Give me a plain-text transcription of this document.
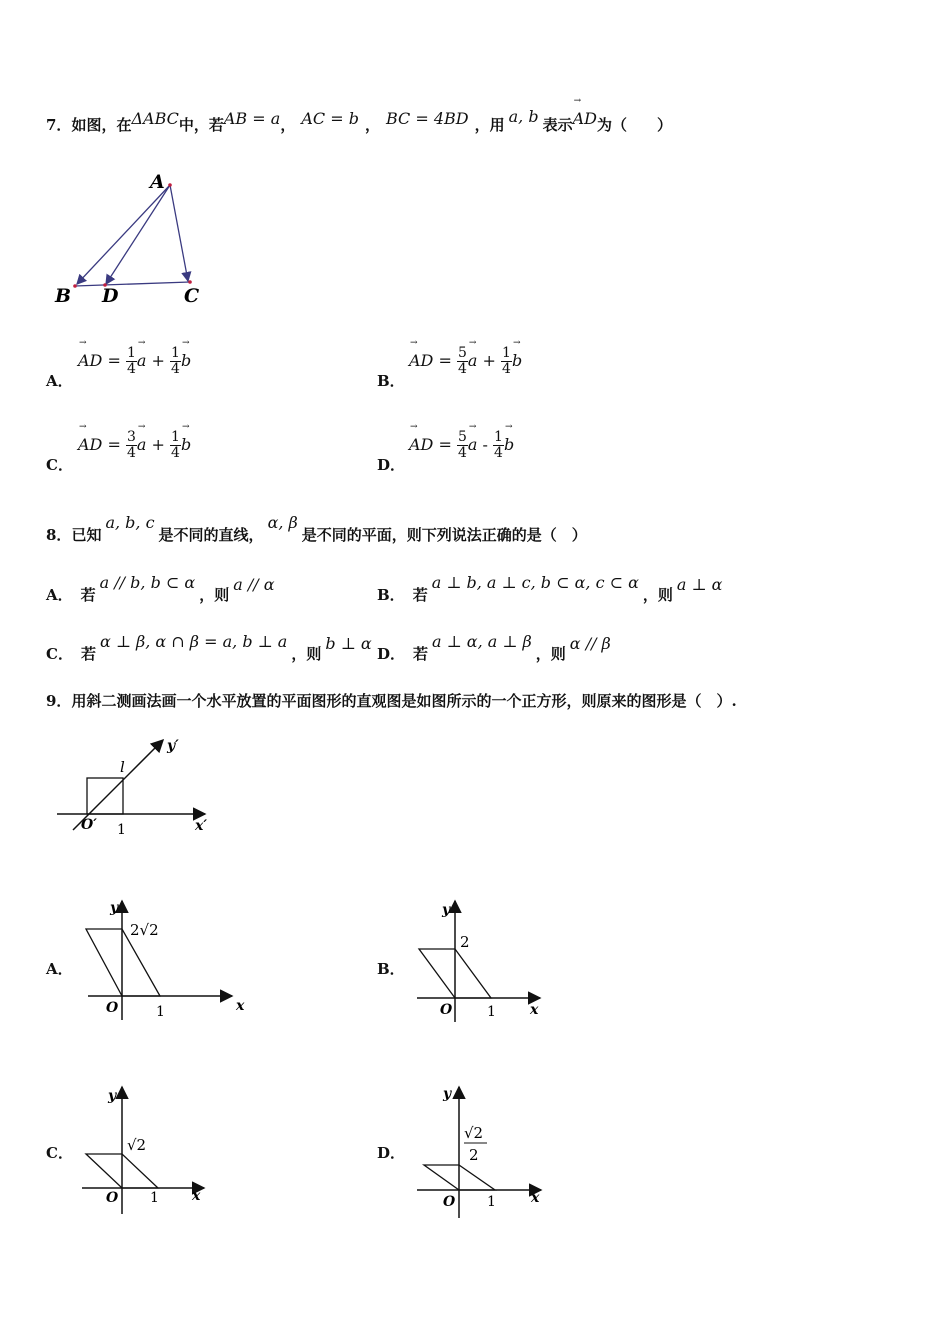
7．如图，在ΔABC中，若AB = a， AC = b ， BC = 4BD ，用 a, b 表示→ AD为（　　）
A
B D	C
A．
→ AD = $\frac{1}{4}$
→ $a + \frac{1}{4}$
→ b
B．
→ AD = $\frac{5}{4}$
→ $a + \frac{1}{4}$
→ b
C．
→ AD = $\frac{3}{4}$
→ $a + \frac{1}{4}$
→ b
D．
→ AD = $\frac{5}{4}$
→ a - $\frac{1}{4}$
→ b
8．已知a, b, c是不同的直线，α, β是不同的平面，则下列说法正确的是（　）
A． 若a // b, b ⊂ α，则a // α
B． 若a ⊥ b, a ⊥ c, b ⊂ α, c ⊂ α，则a ⊥ α
C． 若α ⊥ β, α ∩ β = a, b ⊥ a，则b ⊥ α
D． 若a ⊥ α, a ⊥ β，则α // β
9．用斜二测画法画一个水平放置的平面图形的直观图是如图所示的一个正方形，则原来的图形是（　）.
y′
x′
O′ 1
l
A．
y
x
O	1
2√2
B．
y
x
O 1
2
C．
y
x
O 1
√2	D．
y
x
O 1
√2
2
